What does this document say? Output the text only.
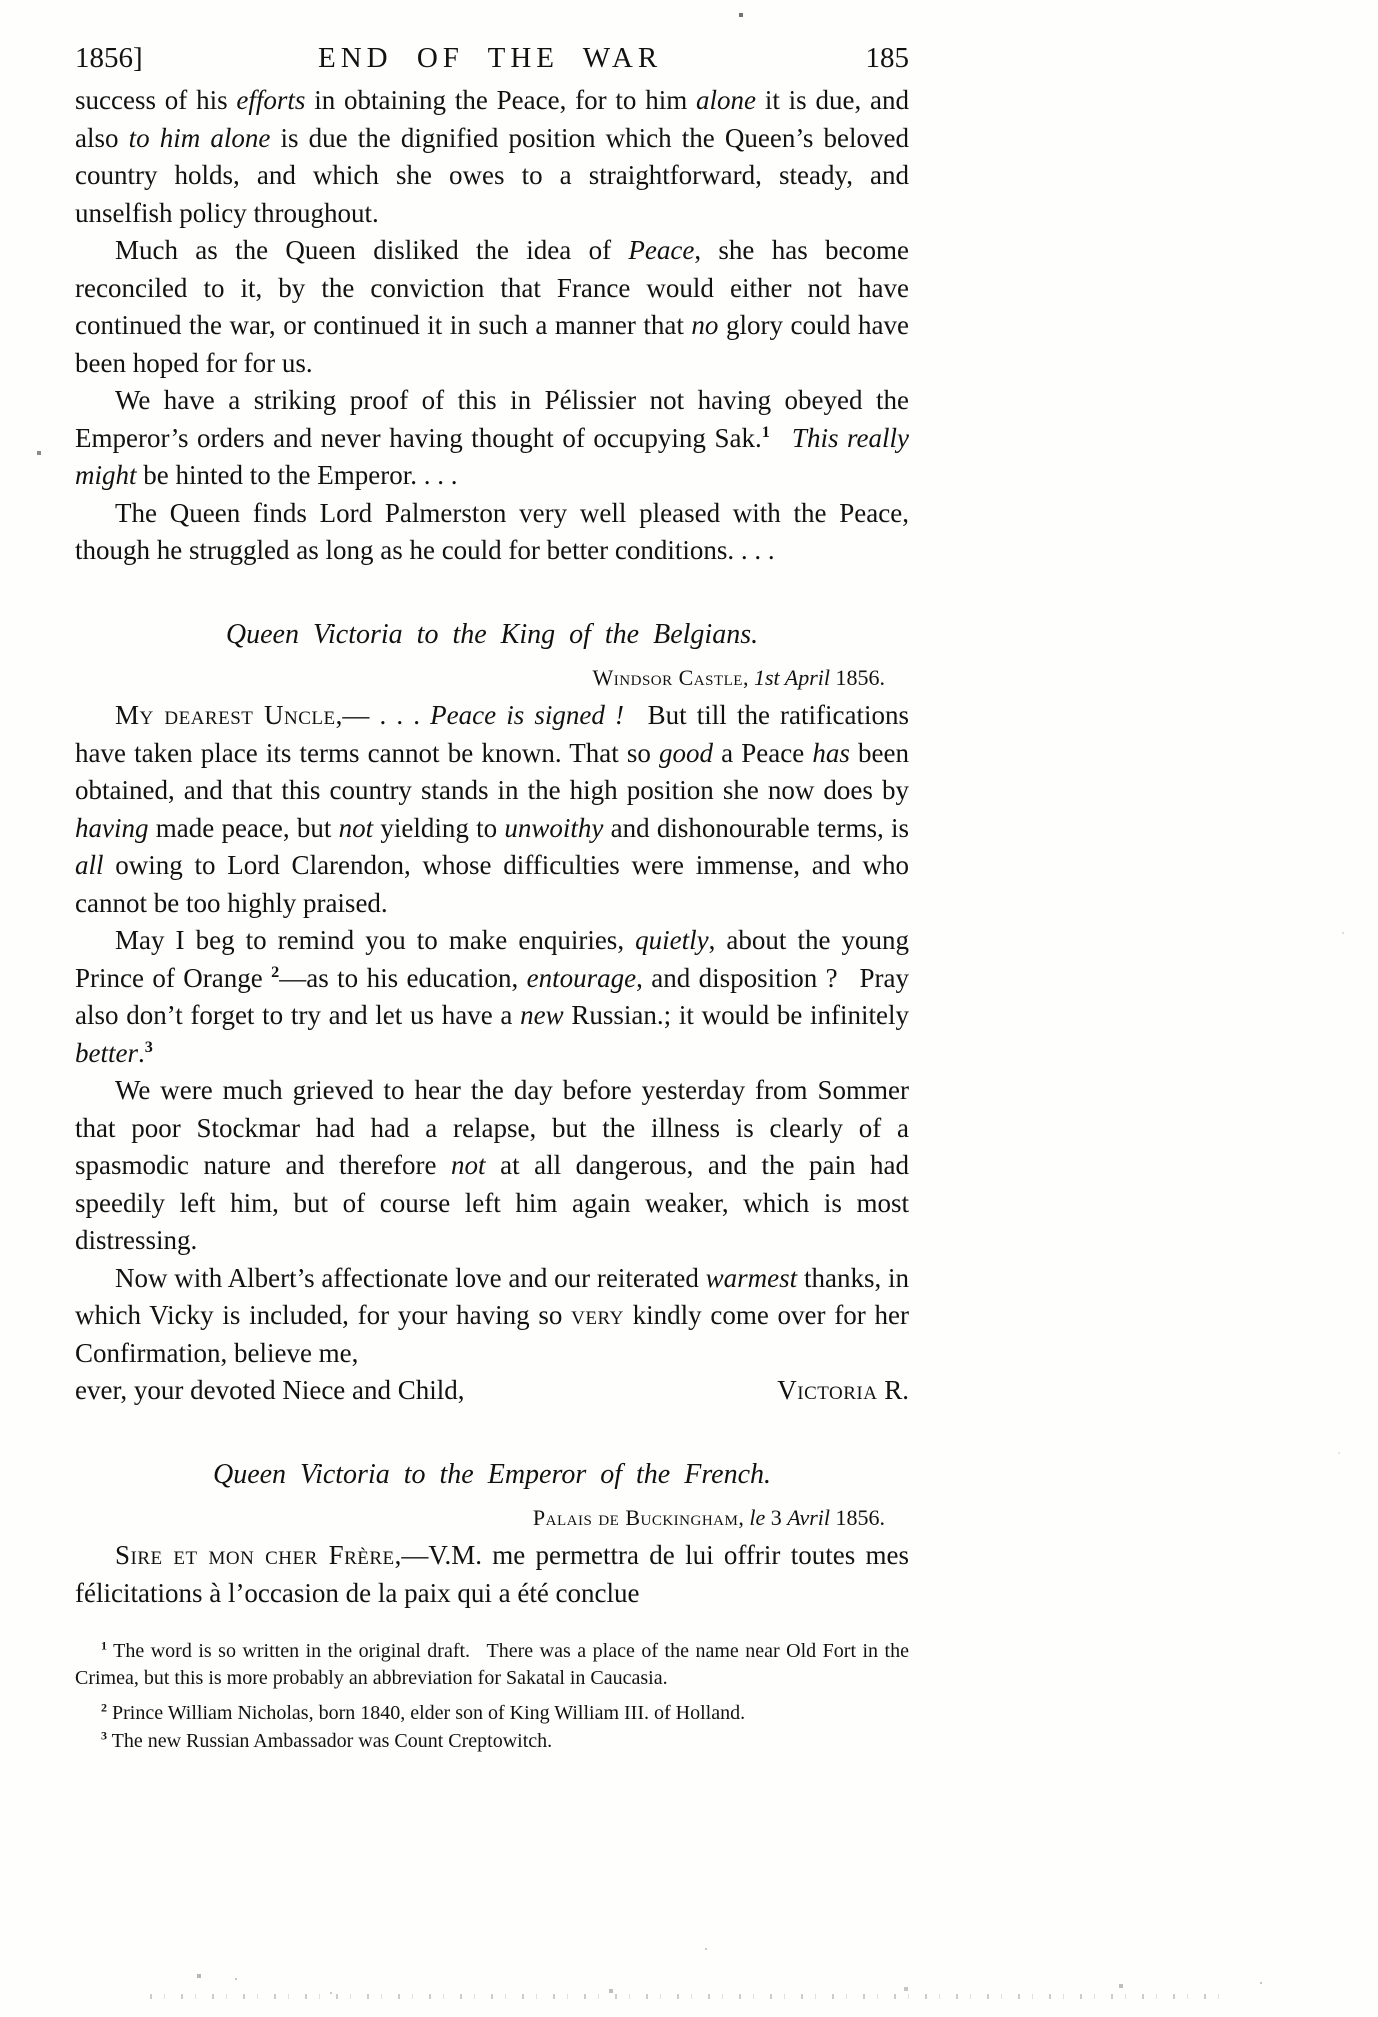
1856]	END OF THE WAR	185

success of his efforts in obtaining the Peace, for to him alone it is due, and also to him alone is due the dignified position which the Queen’s beloved country holds, and which she owes to a straightforward, steady, and unselfish policy throughout.

Much as the Queen disliked the idea of Peace, she has become reconciled to it, by the conviction that France would either not have continued the war, or continued it in such a manner that no glory could have been hoped for for us.

We have a striking proof of this in Pélissier not having obeyed the Emperor’s orders and never having thought of occupying Sak.$^1$   This really might be hinted to the Emperor. . . .

The Queen finds Lord Palmerston very well pleased with the Peace, though he struggled as long as he could for better conditions. . . .

Queen Victoria to the King of the Belgians.

Windsor Castle, 1st April 1856.

My dearest Uncle,— . . . Peace is signed !  But till the ratifications have taken place its terms cannot be known. That so good a Peace has been obtained, and that this country stands in the high position she now does by having made peace, but not yielding to unwoithy and dishonourable terms, is all owing to Lord Clarendon, whose difficulties were immense, and who cannot be too highly praised.

May I beg to remind you to make enquiries, quietly, about the young Prince of Orange $^2$—as to his education, entourage, and disposition ?  Pray also don’t forget to try and let us have a new Russian.; it would be infinitely better.$^3$

We were much grieved to hear the day before yesterday from Sommer that poor Stockmar had had a relapse, but the illness is clearly of a spasmodic nature and therefore not at all dangerous, and the pain had speedily left him, but of course left him again weaker, which is most distressing.

Now with Albert’s affectionate love and our reiterated warmest thanks, in which Vicky is included, for your having so very kindly come over for her Confirmation, believe me,

ever, your devoted Niece and Child,	Victoria R.
Queen Victoria to the Emperor of the French.

Palais de Buckingham, le 3 Avril 1856.

Sire et mon cher Frère,—V.M. me permettra de lui offrir toutes mes félicitations à l’occasion de la paix qui a été conclue

$^1$ The word is so written in the original draft.  There was a place of the name near Old Fort in the Crimea, but this is more probably an abbreviation for Sakatal in Caucasia.

$^2$ Prince William Nicholas, born 1840, elder son of King William III. of Holland.

$^3$ The new Russian Ambassador was Count Creptowitch.
